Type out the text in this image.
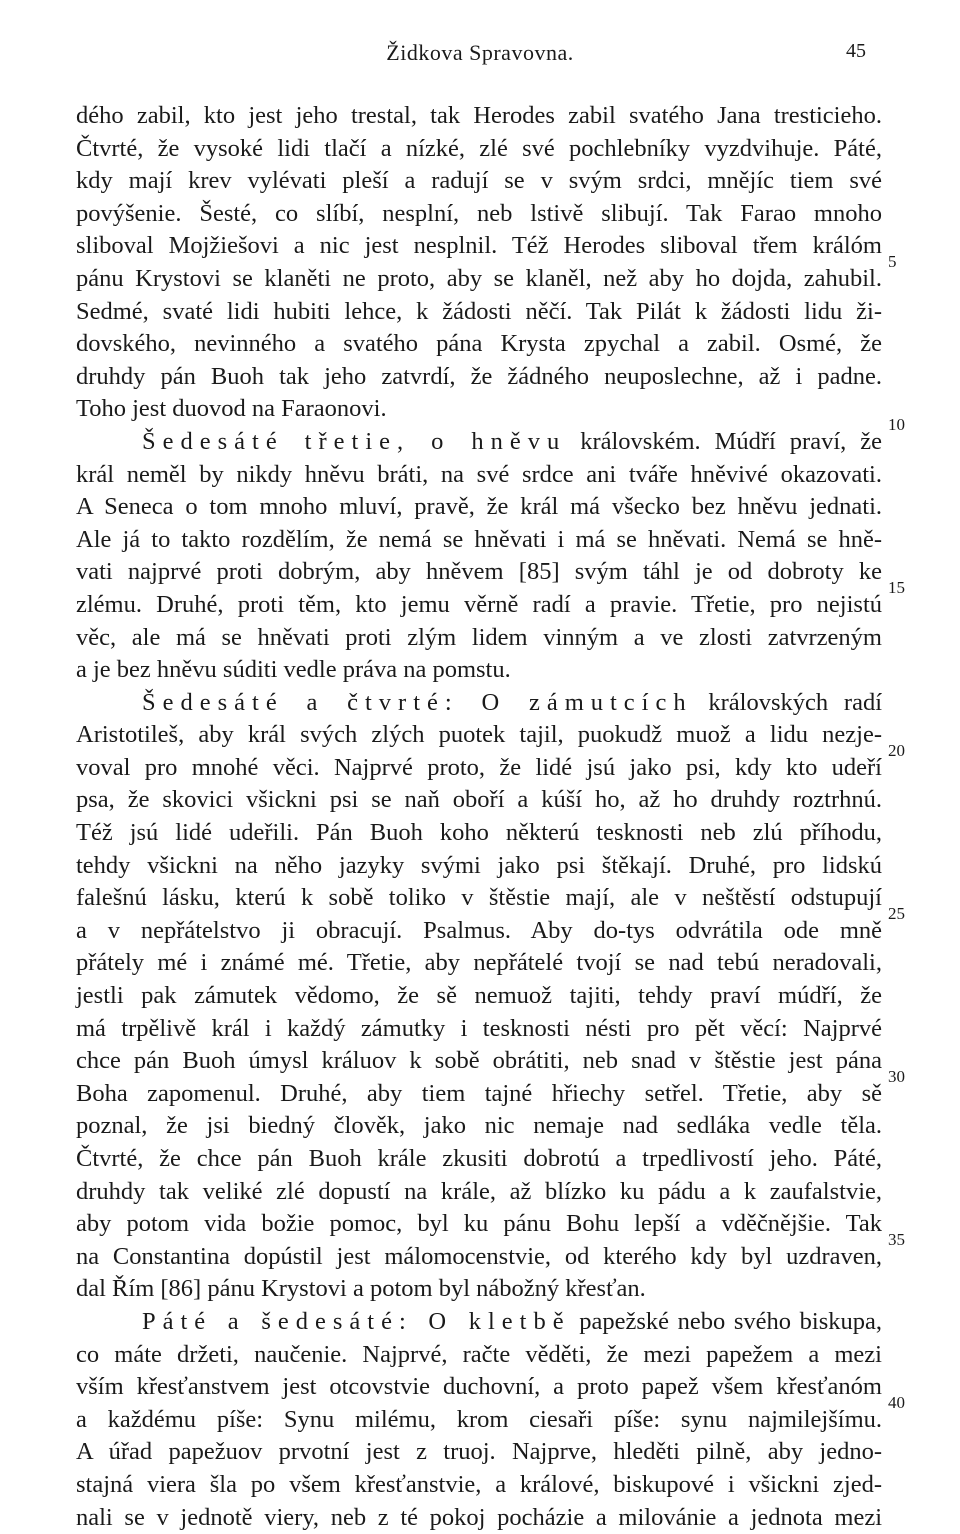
Židkova Spravovna.	45
dého zabil, kto jest jeho trestal, tak Herodes zabil svatého Jana tresticieho.
Čtvrté, že vysoké lidi tlačí a nízké, zlé své pochlebníky vyzdvihuje. Páté,
kdy mají krev vylévati pleší a radují se v svým srdci, mnějíc tiem své
povýšenie. Šesté, co slíbí, nesplní, neb lstivě slibují. Tak Farao mnoho
sliboval Mojžiešovi a nic jest nesplnil. Též Herodes sliboval třem králóm
pánu Krystovi se klaněti ne proto, aby se klaněl, než aby ho dojda, zahubil.
Sedmé, svaté lidi hubiti lehce, k žádosti něčí. Tak Pilát k žádosti lidu ži-
dovského, nevinného a svatého pána Krysta zpychal a zabil. Osmé, že
druhdy pán Buoh tak jeho zatvrdí, že žádného neuposlechne, až i padne.
Toho jest duovod na Faraonovi.
Šedesáté třetie, o hněvu královském. Múdří praví, že
král neměl by nikdy hněvu bráti, na své srdce ani tváře hněvivé okazovati.
A Seneca o tom mnoho mluví, pravě, že král má všecko bez hněvu jednati.
Ale já to takto rozdělím, že nemá se hněvati i má se hněvati. Nemá se hně-
vati najprvé proti dobrým, aby hněvem [85] svým táhl je od dobroty ke
zlému. Druhé, proti těm, kto jemu věrně radí a pravie. Třetie, pro nejistú
věc, ale má se hněvati proti zlým lidem vinným a ve zlosti zatvrzeným
a je bez hněvu súditi vedle práva na pomstu.
Šedesáté a čtvrté: O zámutcích královských radí
Aristotileš, aby král svých zlých puotek tajil, puokudž muož a lidu nezje-
voval pro mnohé věci. Najprvé proto, že lidé jsú jako psi, kdy kto udeří
psa, že skovici všickni psi se naň oboří a kúší ho, až ho druhdy roztrhnú.
Též jsú lidé udeřili. Pán Buoh koho některú tesknosti neb zlú příhodu,
tehdy všickni na něho jazyky svými jako psi štěkají. Druhé, pro lidskú
falešnú lásku, kterú k sobě toliko v štěstie mají, ale v neštěstí odstupují
a v nepřátelstvo ji obracují. Psalmus. Aby do-tys odvrátila ode mně
přátely mé i známé mé. Třetie, aby nepřátelé tvojí se nad tebú neradovali,
jestli pak zámutek vědomo, že sě nemuož tajiti, tehdy praví múdří, že
má trpělivě král i každý zámutky i tesknosti nésti pro pět věcí: Najprvé
chce pán Buoh úmysl králuov k sobě obrátiti, neb snad v štěstie jest pána
Boha zapomenul. Druhé, aby tiem tajné hřiechy setřel. Třetie, aby sě
poznal, že jsi biedný člověk, jako nic nemaje nad sedláka vedle těla.
Čtvrté, že chce pán Buoh krále zkusiti dobrotú a trpedlivostí jeho. Páté,
druhdy tak veliké zlé dopustí na krále, až blízko ku pádu a k zaufalstvie,
aby potom vida božie pomoc, byl ku pánu Bohu lepší a vděčnějšie. Tak
na Constantina dopústil jest málomocenstvie, od kterého kdy byl uzdraven,
dal Řím [86] pánu Krystovi a potom byl nábožný křesťan.
Páté a šedesáté: O kletbě papežské nebo svého biskupa,
co máte držeti, naučenie. Najprvé, račte věděti, že mezi papežem a mezi
vším křesťanstvem jest otcovstvie duchovní, a proto papež všem křesťanóm
a každému píše: Synu milému, krom ciesaři píše: synu najmilejšímu.
A úřad papežuov prvotní jest z truoj. Najprve, hleděti pilně, aby jedno-
stajná viera šla po všem křesťanstvie, a králové, biskupové i všickni zjed-
nali se v jednotě viery, neb z té pokoj pocházie a milovánie a jednota mezi
5
10
15
20
25
30
35
40
